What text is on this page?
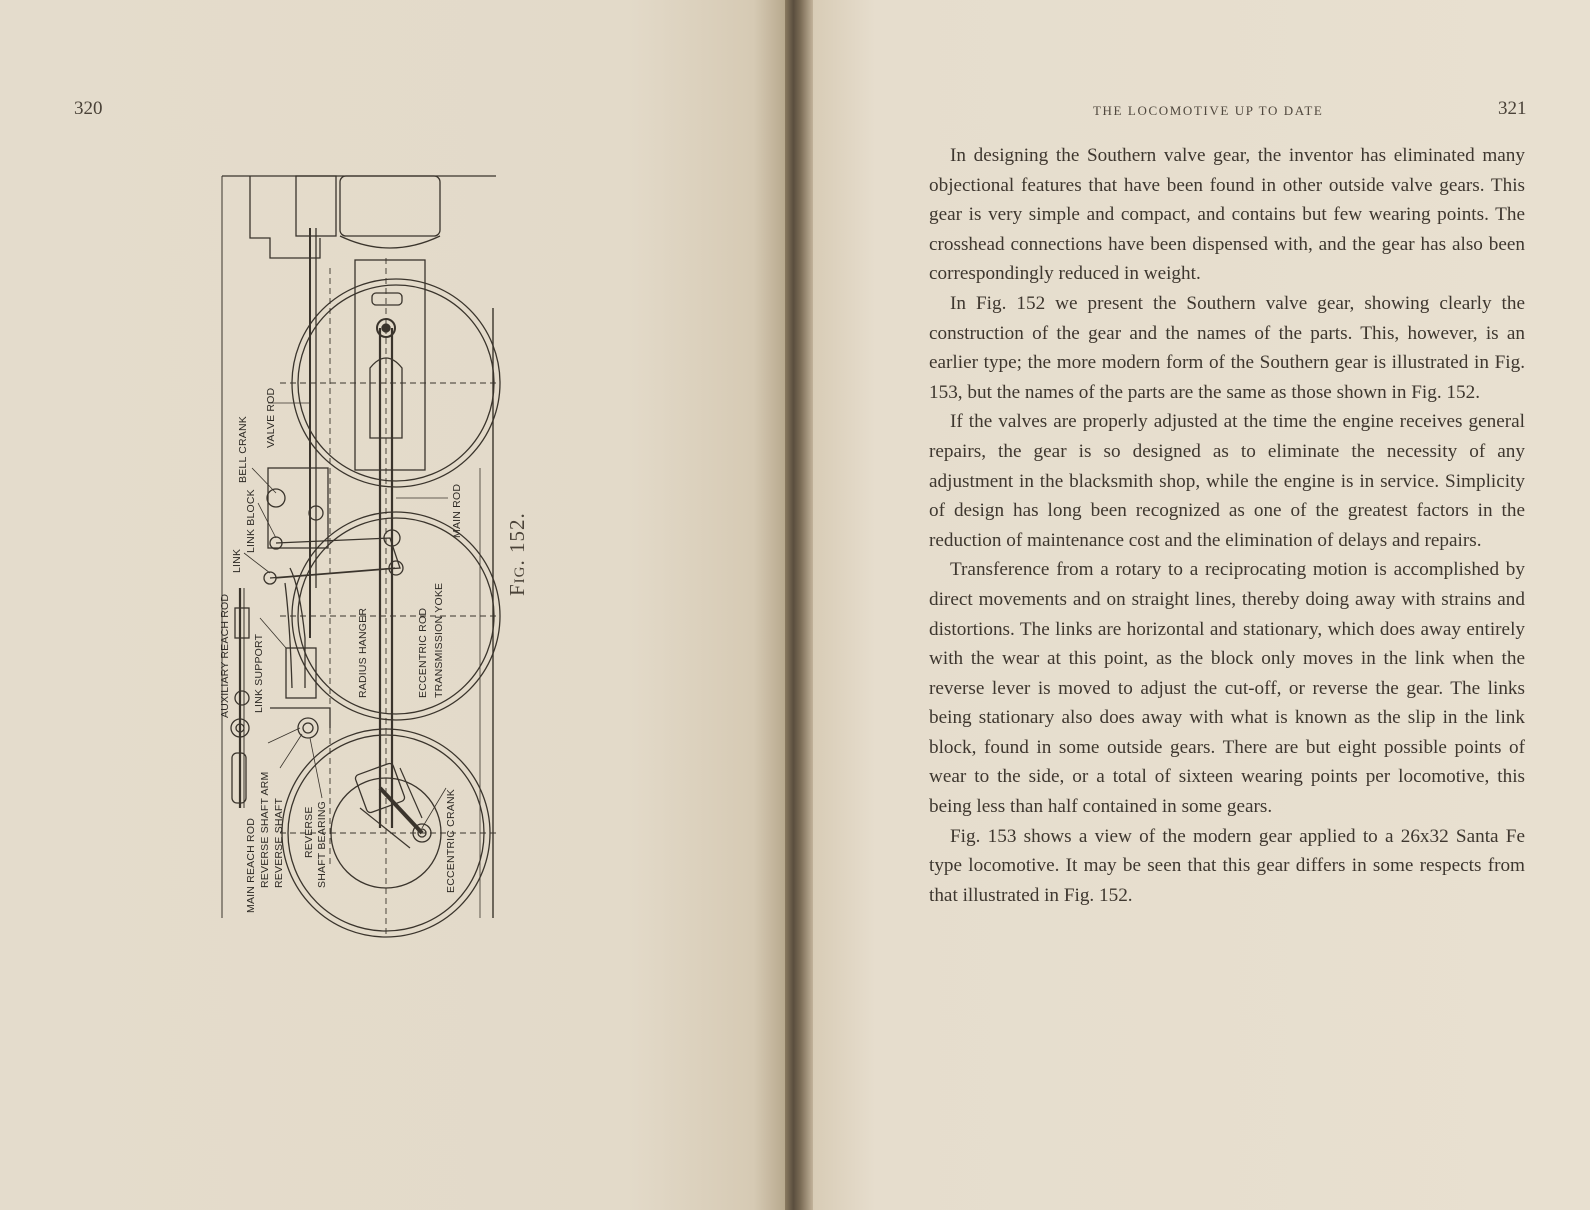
320
VALVE ROD
BELL CRANK
LINK BLOCK
LINK
AUXILIARY REACH ROD LINK SUPPORT
MAIN REACH ROD REVERSE SHAFT ARM REVERSE SHAFT REVERSE SHAFT BEARING
RADIUS HANGER	ECCENTRIC ROD TRANSMISSION YOKE
MAIN ROD
ECCENTRIC CRANK
Fig. 152.
THE LOCOMOTIVE UP TO DATE	321

In designing the Southern valve gear, the inventor has eliminated many objectional features that have been found in other outside valve gears. This gear is very simple and compact, and contains but few wearing points. The crosshead connections have been dispensed with, and the gear has also been correspondingly reduced in weight.

In Fig. 152 we present the Southern valve gear, showing clearly the construction of the gear and the names of the parts. This, however, is an earlier type; the more modern form of the Southern gear is illustrated in Fig. 153, but the names of the parts are the same as those shown in Fig. 152.

If the valves are properly adjusted at the time the engine receives general repairs, the gear is so designed as to eliminate the necessity of any adjustment in the blacksmith shop, while the engine is in service. Simplicity of design has long been recognized as one of the greatest factors in the reduction of maintenance cost and the elimination of delays and repairs.

Transference from a rotary to a reciprocating motion is accomplished by direct movements and on straight lines, thereby doing away with strains and distortions. The links are horizontal and stationary, which does away entirely with the wear at this point, as the block only moves in the link when the reverse lever is moved to adjust the cut-off, or reverse the gear. The links being stationary also does away with what is known as the slip in the link block, found in some outside gears. There are but eight possible points of wear to the side, or a total of sixteen wearing points per locomotive, this being less than half contained in some gears.

Fig. 153 shows a view of the modern gear applied to a 26x32 Santa Fe type locomotive. It may be seen that this gear differs in some respects from that illustrated in Fig. 152.
